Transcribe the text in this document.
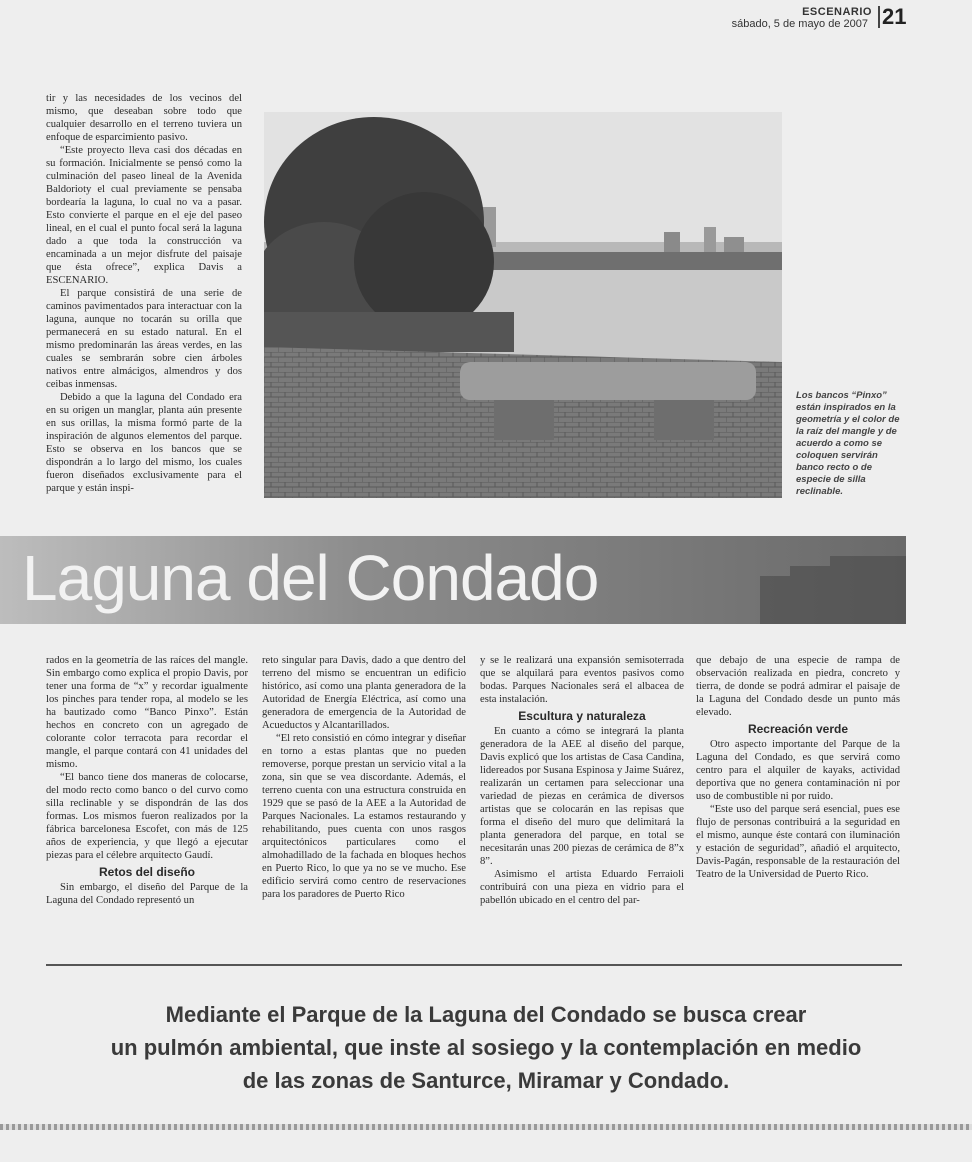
ESCENARIO
sábado, 5 de mayo de 2007 21

tir y las necesidades de los vecinos del mismo, que deseaban sobre todo que cualquier desarrollo en el terreno tuviera un enfoque de esparcimiento pasivo.

“Este proyecto lleva casi dos décadas en su formación. Inicialmente se pensó como la culminación del paseo lineal de la Avenida Baldorioty el cual previamente se pensaba bordearía la laguna, lo cual no va a pasar. Esto convierte el parque en el eje del paseo lineal, en el cual el punto focal será la laguna dado a que toda la construcción va encaminada a un mejor disfrute del paisaje que ésta ofrece”, explica Davis a ESCENARIO.

El parque consistirá de una serie de caminos pavimentados para interactuar con la laguna, aunque no tocarán su orilla que permanecerá en su estado natural. En el mismo predominarán las áreas verdes, en las cuales se sembrarán sobre cien árboles nativos entre almácigos, almendros y dos ceibas inmensas.

Debido a que la laguna del Condado era en su origen un manglar, planta aún presente en sus orillas, la misma formó parte de la inspiración de algunos elementos del parque. Esto se observa en los bancos que se dispondrán a lo largo del mismo, los cuales fueron diseñados exclusivamente para el parque y están inspi-

Los bancos “Pinxo” están inspirados en la geometría y el color de la raíz del mangle y de acuerdo a como se coloquen servirán banco recto o de especie de silla reclinable.
Laguna del Condado

rados en la geometría de las raíces del mangle. Sin embargo como explica el propio Davis, por tener una forma de “x” y recordar igualmente los pinches para tender ropa, al modelo se les ha bautizado como “Banco Pinxo”. Están hechos en concreto con un agregado de colorante color terracota para recordar el mangle, el parque contará con 41 unidades del mismo.

“El banco tiene dos maneras de colocarse, del modo recto como banco o del curvo como silla reclinable y se dispondrán de las dos formas. Los mismos fueron realizados por la fábrica barcelonesa Escofet, con más de 125 años de experiencia, y que llegó a ejecutar piezas para el célebre arquitecto Gaudí.

Retos del diseño

Sin embargo, el diseño del Parque de la Laguna del Condado representó un

reto singular para Davis, dado a que dentro del terreno del mismo se encuentran un edificio histórico, así como una planta generadora de la Autoridad de Energía Eléctrica, así como una generadora de emergencia de la Autoridad de Acueductos y Alcantarillados.

“El reto consistió en cómo integrar y diseñar en torno a estas plantas que no pueden removerse, porque prestan un servicio vital a la zona, sin que se vea discordante. Además, el terreno cuenta con una estructura construida en 1929 que se pasó de la AEE a la Autoridad de Parques Nacionales. La estamos restaurando y rehabilitando, pues cuenta con unos rasgos arquitectónicos particulares como el almohadillado de la fachada en bloques hechos en Puerto Rico, lo que ya no se ve mucho. Ese edificio servirá como centro de reservaciones para los paradores de Puerto Rico

y se le realizará una expansión semisoterrada que se alquilará para eventos pasivos como bodas. Parques Nacionales será el albacea de esta instalación.

Escultura y naturaleza

En cuanto a cómo se integrará la planta generadora de la AEE al diseño del parque, Davis explicó que los artistas de Casa Candina, lidereados por Susana Espinosa y Jaime Suárez, realizarán un certamen para seleccionar una variedad de piezas en cerámica de diversos artistas que se colocarán en las repisas que forma el diseño del muro que delimitará la planta generadora del parque, en total se necesitarán unas 200 piezas de cerámica de 8”x 8”.

Asimismo el artista Eduardo Ferraioli contribuirá con una pieza en vidrio para el pabellón ubicado en el centro del par-

que debajo de una especie de rampa de observación realizada en piedra, concreto y tierra, de donde se podrá admirar el paisaje de la Laguna del Condado desde un punto más elevado.

Recreación verde

Otro aspecto importante del Parque de la Laguna del Condado, es que servirá como centro para el alquiler de kayaks, actividad deportiva que no genera contaminación ni por uso de combustible ni por ruido.

“Este uso del parque será esencial, pues ese flujo de personas contribuirá a la seguridad en el mismo, aunque éste contará con iluminación y estación de seguridad”, añadió el arquitecto, Davis-Pagán, responsable de la restauración del Teatro de la Universidad de Puerto Rico.

Mediante el Parque de la Laguna del Condado se busca crear
un pulmón ambiental, que inste al sosiego y la contemplación en medio
de las zonas de Santurce, Miramar y Condado.
